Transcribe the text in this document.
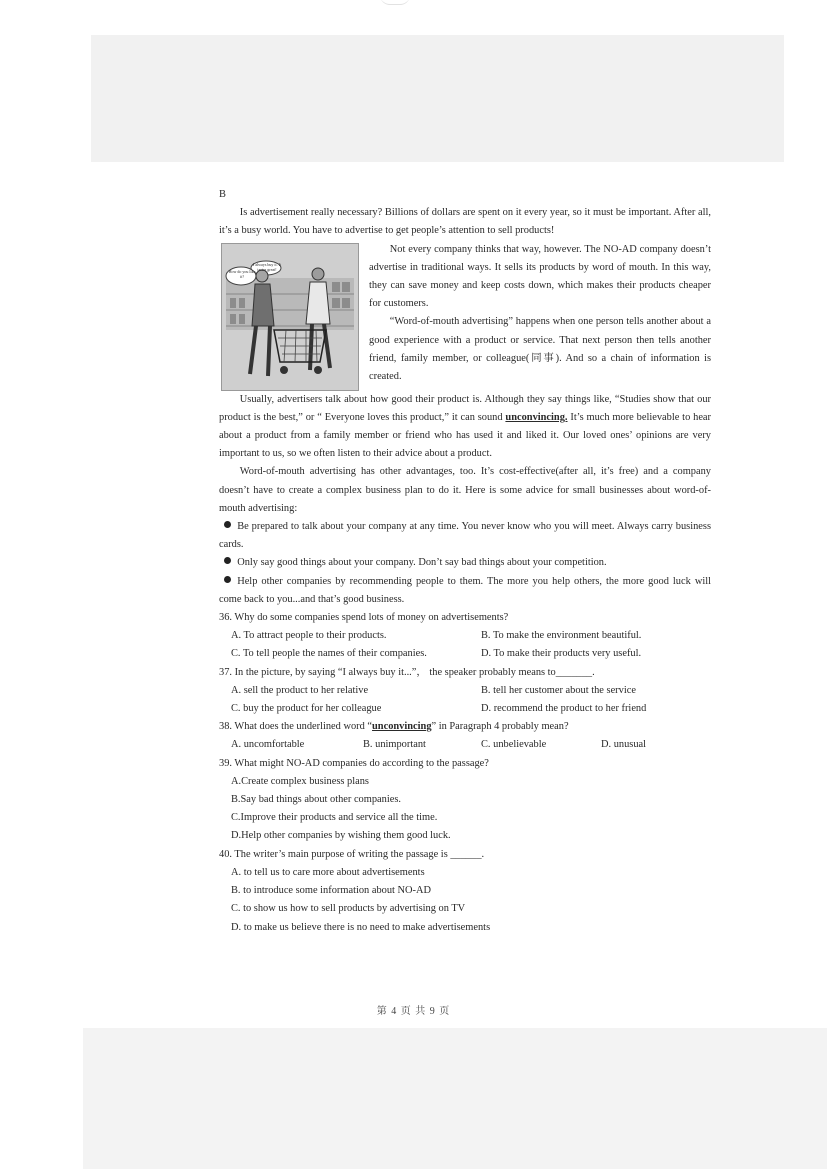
B

Is advertisement really necessary? Billions of dollars are spent on it every year, so it must be important. After all, it’s a busy world. You have to advertise to get people’s attention to sell products!

How do you like it?
I always buy it. It tastes great!

Not every company thinks that way, however. The NO-AD company doesn’t advertise in traditional ways. It sells its products by word of mouth. In this way, they can save money and keep costs down, which makes their products cheaper for customers.

“Word-of-mouth advertising” happens when one person tells another about a good experience with a product or service. That next person then tells another friend, family member, or colleague(同事). And so a chain of information is created.

Usually, advertisers talk about how good their product is. Although they say things like, “Studies show that our product is the best,” or “ Everyone loves this product,” it can sound unconvincing. It’s much more believable to hear about a product from a family member or friend who has used it and liked it. Our loved ones’ opinions are very important to us, so we often listen to their advice about a product.

Word-of-mouth advertising has other advantages, too. It’s cost-effective(after all, it’s free) and a company doesn’t have to create a complex business plan to do it. Here is some advice for small businesses about word-of-mouth advertising:

Be prepared to talk about your company at any time. You never know who you will meet. Always carry business cards.

Only say good things about your company. Don’t say bad things about your competition.

Help other companies by recommending people to them. The more you help others, the more good luck will come back to you...and that’s good business.

36. Why do some companies spend lots of money on advertisements?

A. To attract people to their products.	B. To make the environment beautiful.
C. To tell people the names of their companies.	D. To make their products very useful.

37. In the picture, by saying “I always buy it...”， the speaker probably means to_______.

A. sell the product to her relative	B. tell her customer about the service
C. buy the product for her colleague	D. recommend the product to her friend

38. What does the underlined word “unconvincing” in Paragraph 4 probably mean?

A. uncomfortable	B. unimportant	C. unbelievable	D. unusual

39. What might NO-AD companies do according to the passage?

A.Create complex business plans

B.Say bad things about other companies.

C.Improve their products and service all the time.

D.Help other companies by wishing them good luck.

40. The writer’s main purpose of writing the passage is ______.

A. to tell us to care more about advertisements

B. to introduce some information about NO-AD

C. to show us how to sell products by advertising on TV

D. to make us believe there is no need to make advertisements

第 4 页 共 9 页
